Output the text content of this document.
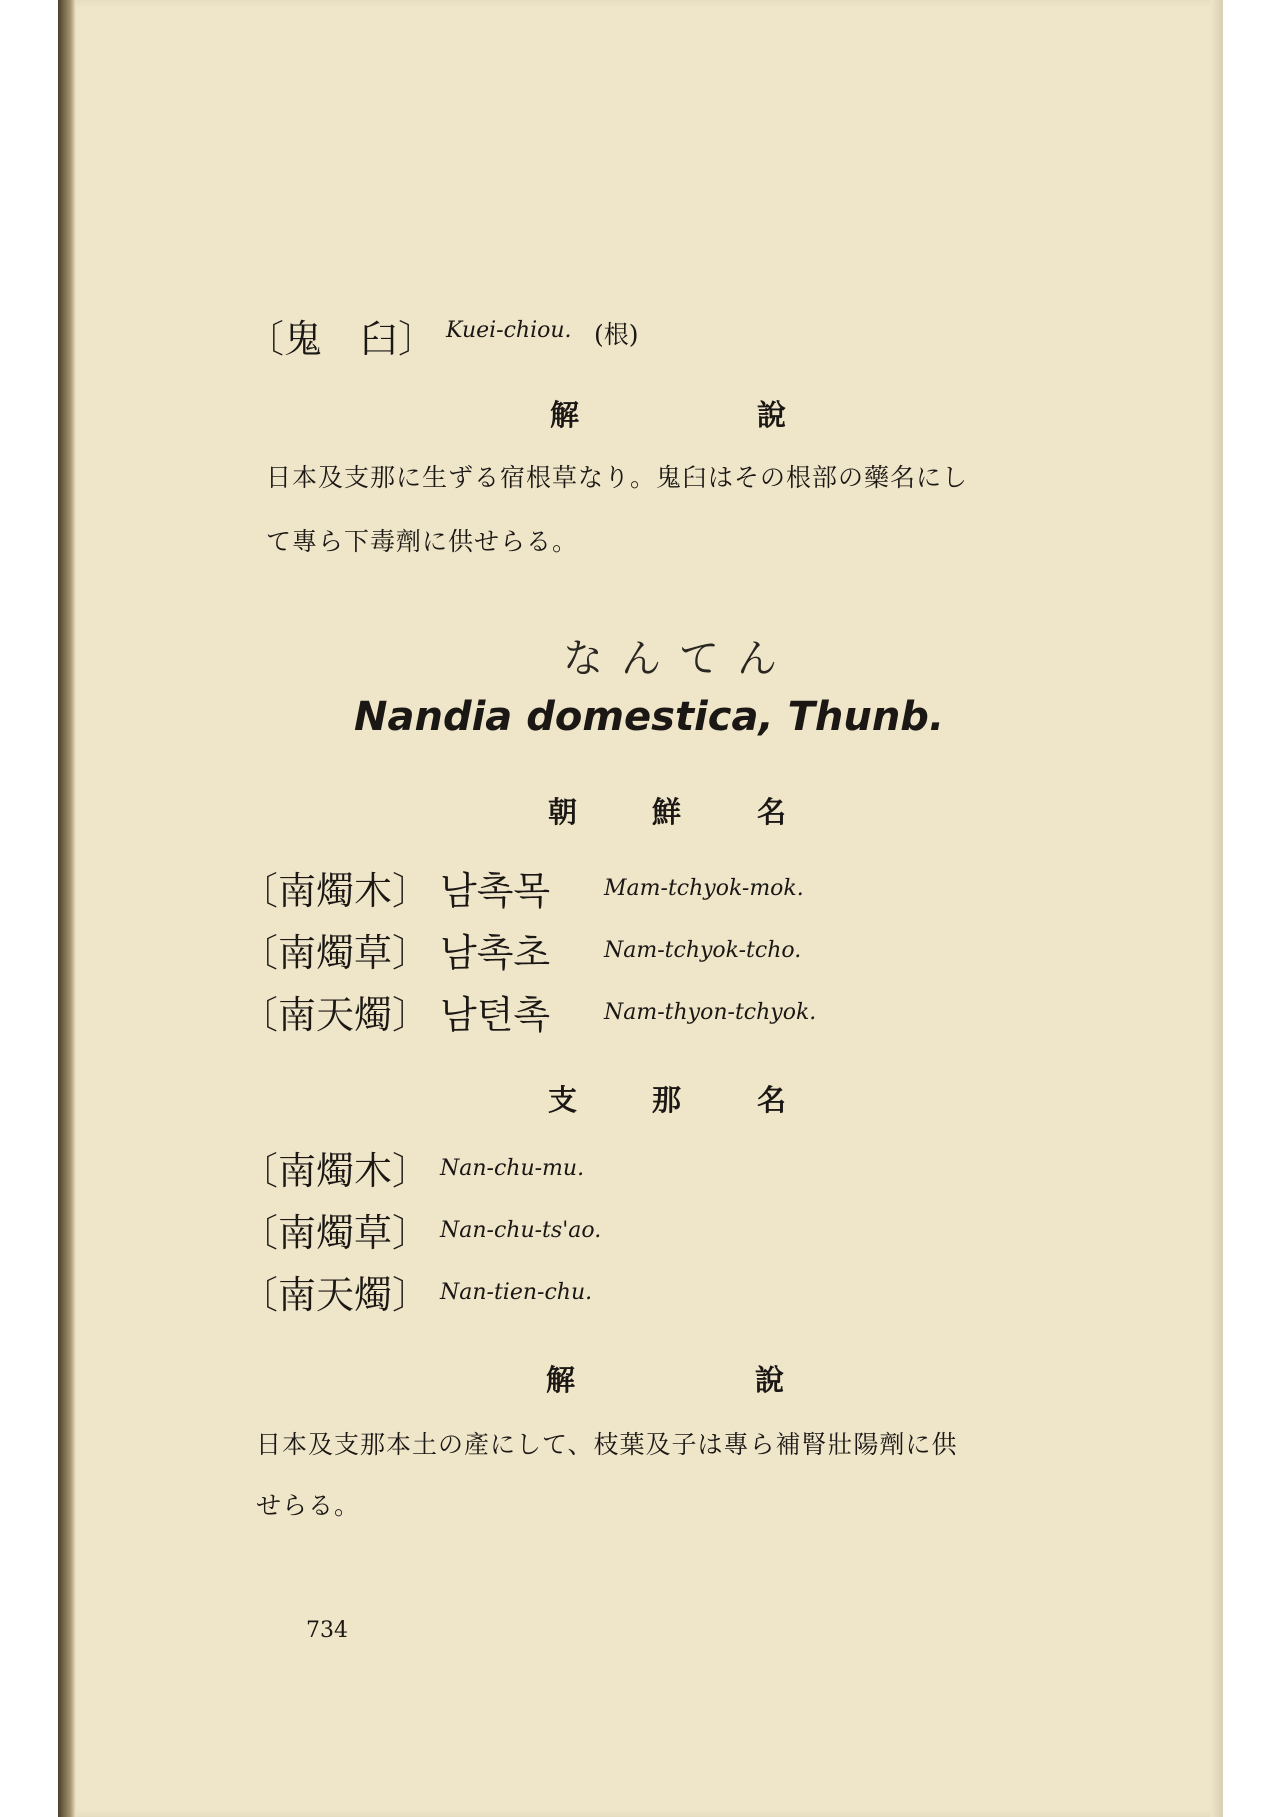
〔鬼　臼〕 Kuei-chiou. (根)
解	說
日本及支那に生ずる宿根草なり。鬼臼はその根部の藥名にし
て專ら下毒劑に供せらる。
なんてん
Nandia domestica, Thunb.
朝	鮮	名
〔南燭木〕 남촉목 Mam-tchyok-mok.
〔南燭草〕 남촉초 Nam-tchyok-tcho.
〔南天燭〕 남텬촉 Nam-thyon-tchyok.
支	那	名
〔南燭木〕 Nan-chu-mu.
〔南燭草〕 Nan-chu-ts'ao.
〔南天燭〕 Nan-tien-chu.
解	說
日本及支那本土の產にして、枝葉及子は專ら補腎壯陽劑に供
せらる。
734
